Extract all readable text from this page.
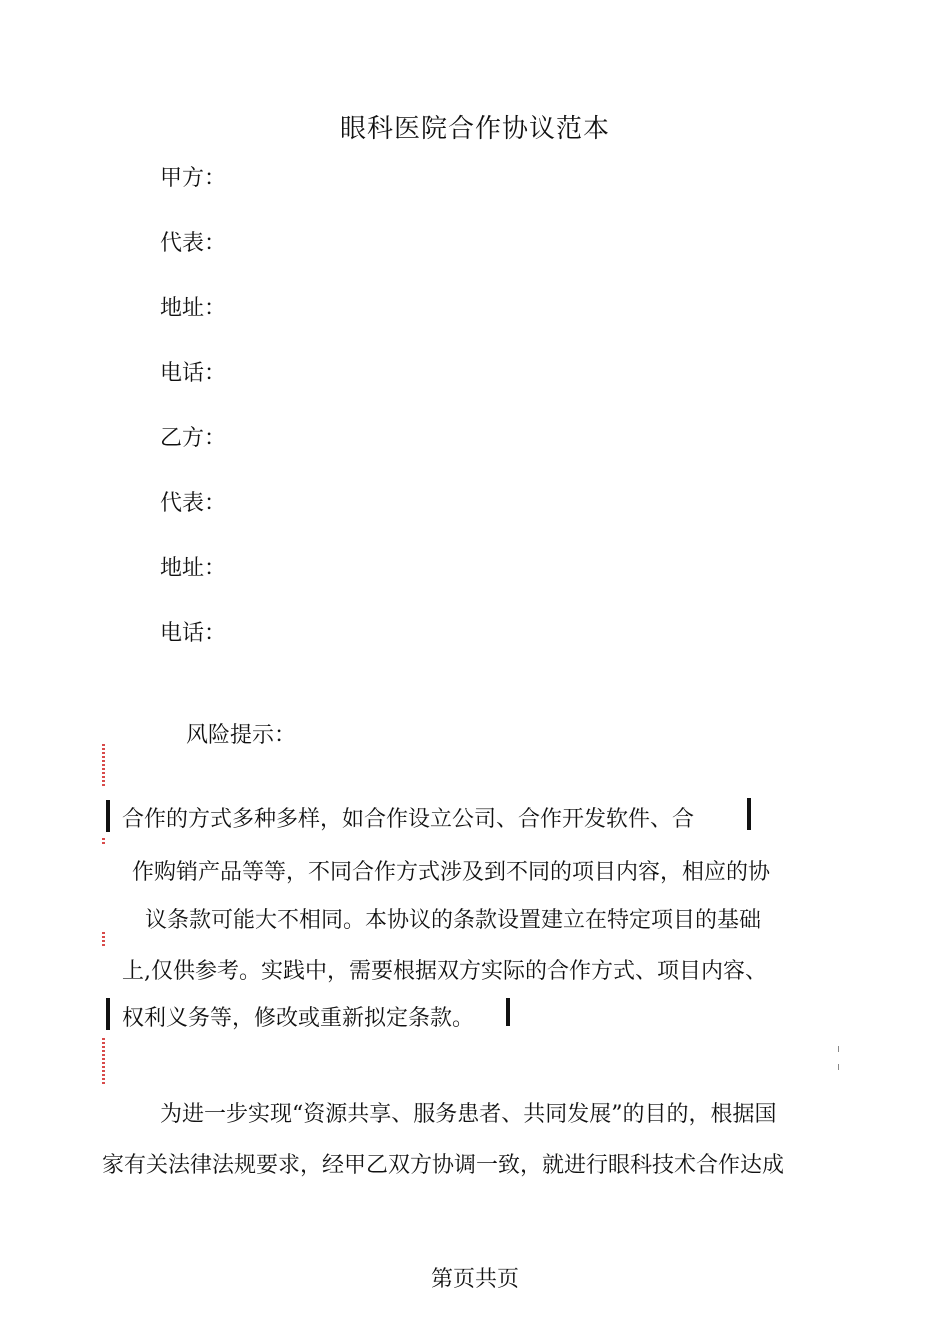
眼科医院合作协议范本
甲方：
代表：
地址：
电话：
乙方：
代表：
地址：
电话：
风险提示：
合作的方式多种多样，如合作设立公司、合作开发软件、合
作购销产品等等，不同合作方式涉及到不同的项目内容，相应的协
议条款可能大不相同。本协议的条款设置建立在特定项目的基础
上,仅供参考。实践中，需要根据双方实际的合作方式、项目内容、
权利义务等，修改或重新拟定条款。
为进一步实现“资源共享、服务患者、共同发展”的目的，根据国
家有关法律法规要求，经甲乙双方协调一致，就进行眼科技术合作达成
第页共页
